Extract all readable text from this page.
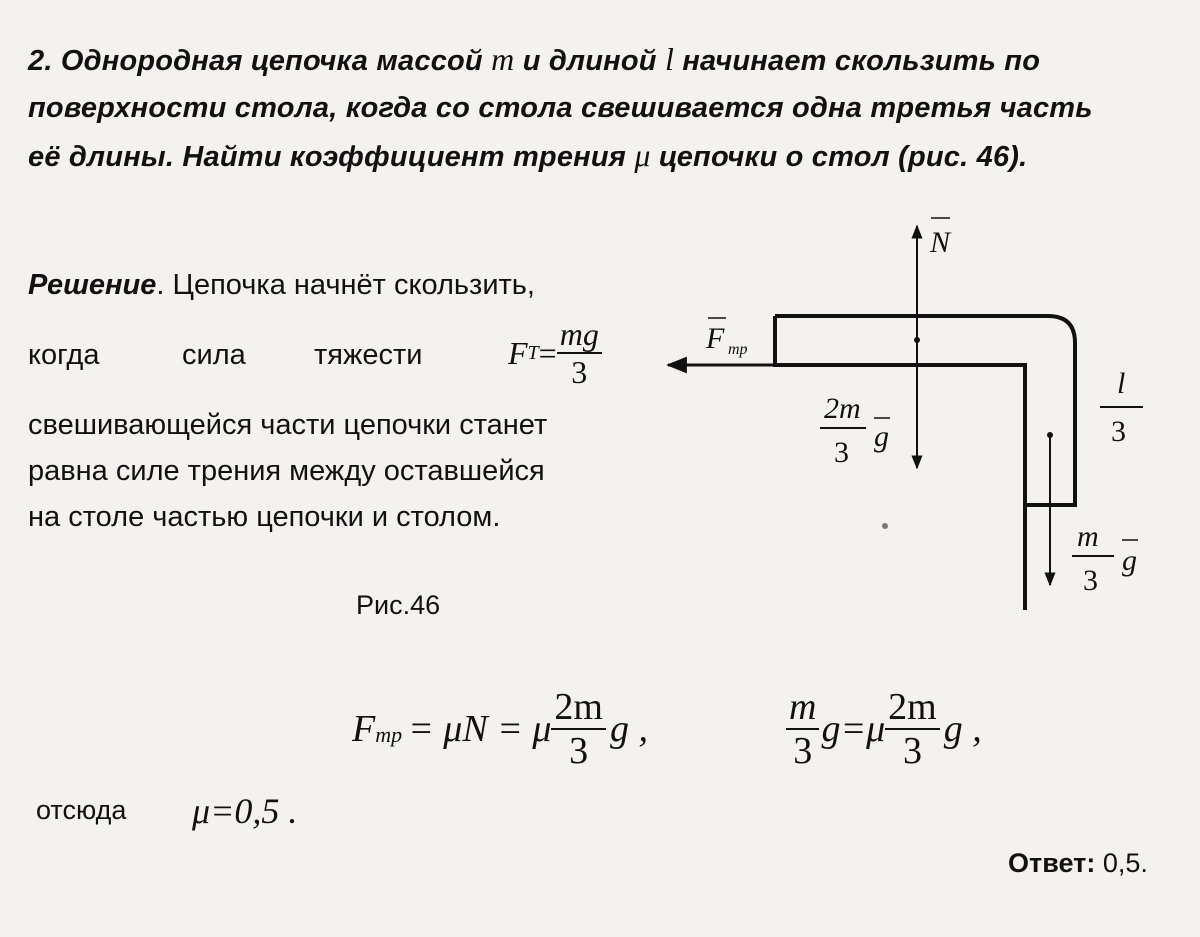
2. Однородная цепочка массой m и длиной l начинает скользить по
поверхности стола, когда со стола свешивается одна третья часть
её длины. Найти коэффициент трения μ цепочки о стол (рис. 46).
Решение. Цепочка начнёт скользить,
когда	сила тяжести	F $T = \frac{mg}{3}$
свешивающейся части цепочки станет
равна силе трения между оставшейся
на столе частью цепочки и столом.
N
F тр
2m
3 g
l
3
m
3
g
Рис.46
$F_{mp} = \mu N = \mu \frac{2m}{3}$ g ,	$\frac{m}{3} g=\mu \frac{2m}{3}$ g ,
отсюда μ=0,5 .
Ответ: 0,5.
